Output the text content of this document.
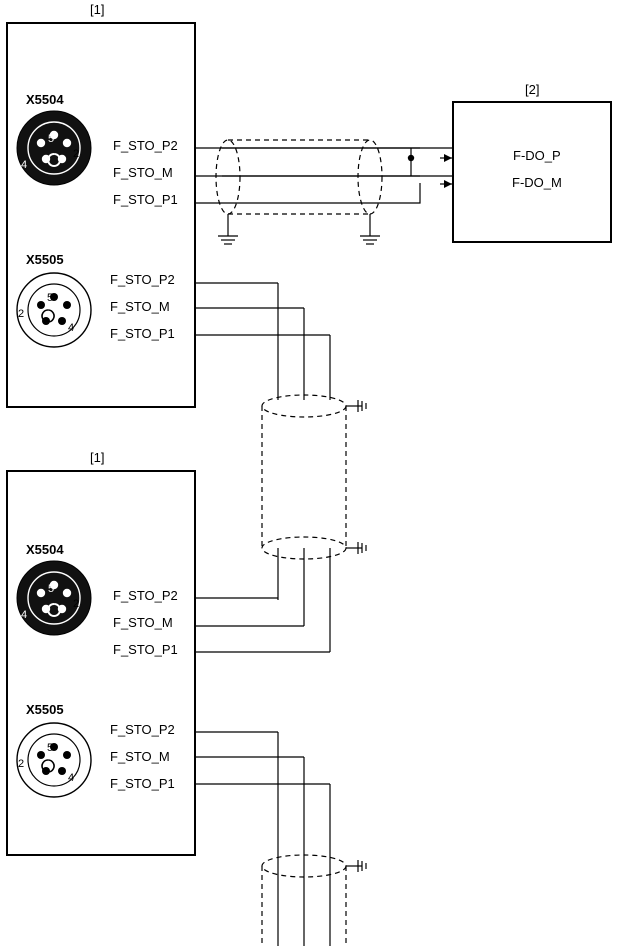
[1]
[1]
[2]
X5504
5
2
4
F_STO_P2
F_STO_M
F_STO_P1
X5505
5
2
4
F_STO_P2
F_STO_M
F_STO_P1
F-DO_P
F-DO_M
X5504
5
2
4
F_STO_P2
F_STO_M
F_STO_P1
X5505
5
2
4
F_STO_P2
F_STO_M
F_STO_P1
